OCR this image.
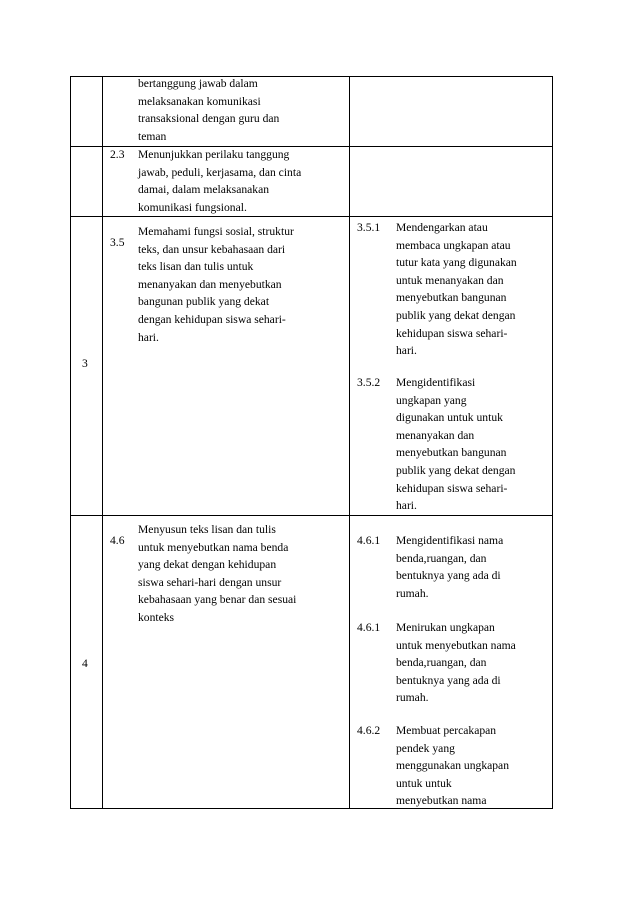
bertanggung jawab dalam
melaksanakan komunikasi
transaksional dengan guru dan
teman
2.3 Menunjukkan perilaku tanggung
jawab, peduli, kerjasama, dan cinta
damai, dalam melaksanakan
komunikasi fungsional.
3
3.5
Memahami fungsi sosial, struktur
teks, dan unsur kebahasaan dari
teks lisan dan tulis untuk
menanyakan dan menyebutkan
bangunan publik yang dekat
dengan kehidupan siswa sehari-
hari.
3.5.1 Mendengarkan atau
membaca ungkapan atau
tutur kata yang digunakan
untuk menanyakan dan
menyebutkan bangunan
publik yang dekat dengan
kehidupan siswa sehari-
hari.
3.5.2 Mengidentifikasi
ungkapan yang
digunakan untuk untuk
menanyakan dan
menyebutkan bangunan
publik yang dekat dengan
kehidupan siswa sehari-
hari.
4
4.6
Menyusun teks lisan dan tulis
untuk menyebutkan nama benda
yang dekat dengan kehidupan
siswa sehari-hari dengan unsur
kebahasaan yang benar dan sesuai
konteks
4.6.1 Mengidentifikasi nama
benda,ruangan, dan
bentuknya yang ada di
rumah.
4.6.1 Menirukan ungkapan
untuk menyebutkan nama
benda,ruangan, dan
bentuknya yang ada di
rumah.
4.6.2 Membuat percakapan
pendek yang
menggunakan ungkapan
untuk untuk
menyebutkan nama
